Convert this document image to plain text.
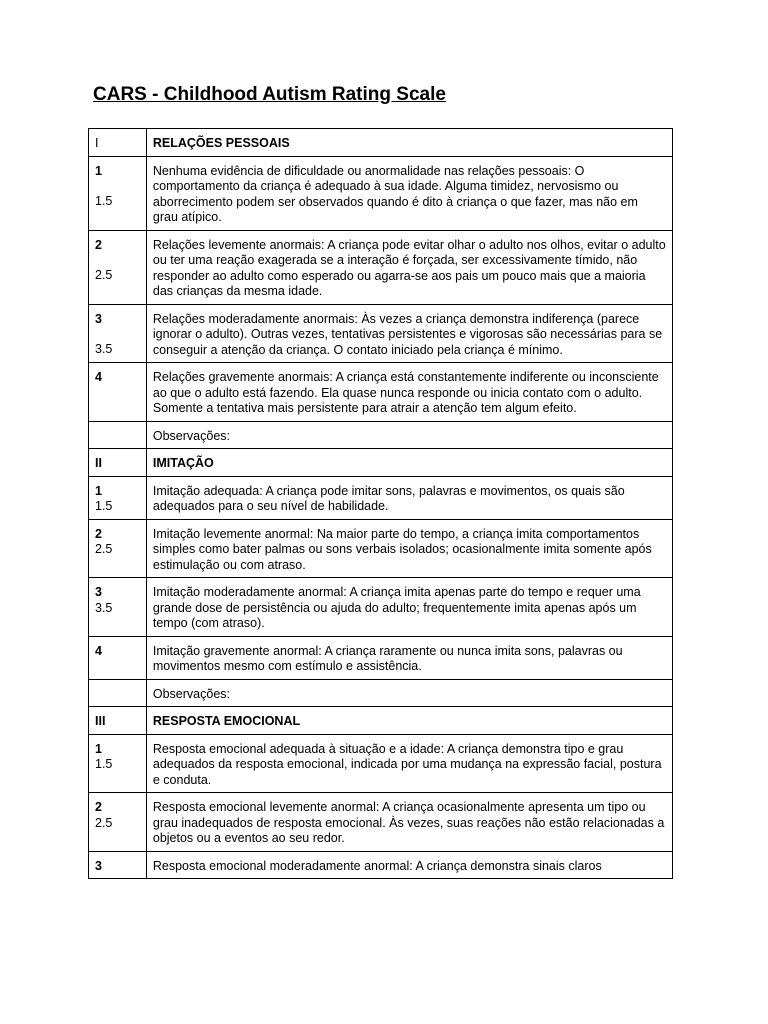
CARS - Childhood Autism Rating Scale
I	RELAÇÕES PESSOAIS

1
1.5	Nenhuma evidência de dificuldade ou anormalidade nas relações pessoais: O comportamento da criança é adequado à sua idade. Alguma timidez, nervosismo ou aborrecimento podem ser observados quando é dito à criança o que fazer, mas não em grau atípico.

2
2.5	Relações levemente anormais: A criança pode evitar olhar o adulto nos olhos, evitar o adulto ou ter uma reação exagerada se a interação é forçada, ser excessivamente tímido, não responder ao adulto como esperado ou agarra-se aos pais um pouco mais que a maioria das crianças da mesma idade.

3
3.5	Relações moderadamente anormais: Às vezes a criança demonstra indiferença (parece ignorar o adulto). Outras vezes, tentativas persistentes e vigorosas são necessárias para se conseguir a atenção da criança. O contato iniciado pela criança é mínimo.

4	Relações gravemente anormais: A criança está constantemente indiferente ou inconsciente ao que o adulto está fazendo. Ela quase nunca responde ou inicia contato com o adulto. Somente a tentativa mais persistente para atrair a atenção tem algum efeito.
	Observações:
II	IMITAÇÃO

1
1.5	Imitação adequada: A criança pode imitar sons, palavras e movimentos, os quais são adequados para o seu nível de habilidade.

2
2.5	Imitação levemente anormal: Na maior parte do tempo, a criança imita comportamentos simples como bater palmas ou sons verbais isolados; ocasionalmente imita somente após estimulação ou com atraso.

3
3.5	Imitação moderadamente anormal: A criança imita apenas parte do tempo e requer uma grande dose de persistência ou ajuda do adulto; frequentemente imita apenas após um tempo (com atraso).

4	Imitação gravemente anormal: A criança raramente ou nunca imita sons, palavras ou movimentos mesmo com estímulo e assistência.
	Observações:
III	RESPOSTA EMOCIONAL

1
1.5	Resposta emocional adequada à situação e a idade: A criança demonstra tipo e grau adequados da resposta emocional, indicada por uma mudança na expressão facial, postura e conduta.

2
2.5	Resposta emocional levemente anormal: A criança ocasionalmente apresenta um tipo ou grau inadequados de resposta emocional. Às vezes, suas reações não estão relacionadas a objetos ou a eventos ao seu redor.

3	Resposta emocional moderadamente anormal: A criança demonstra sinais claros
